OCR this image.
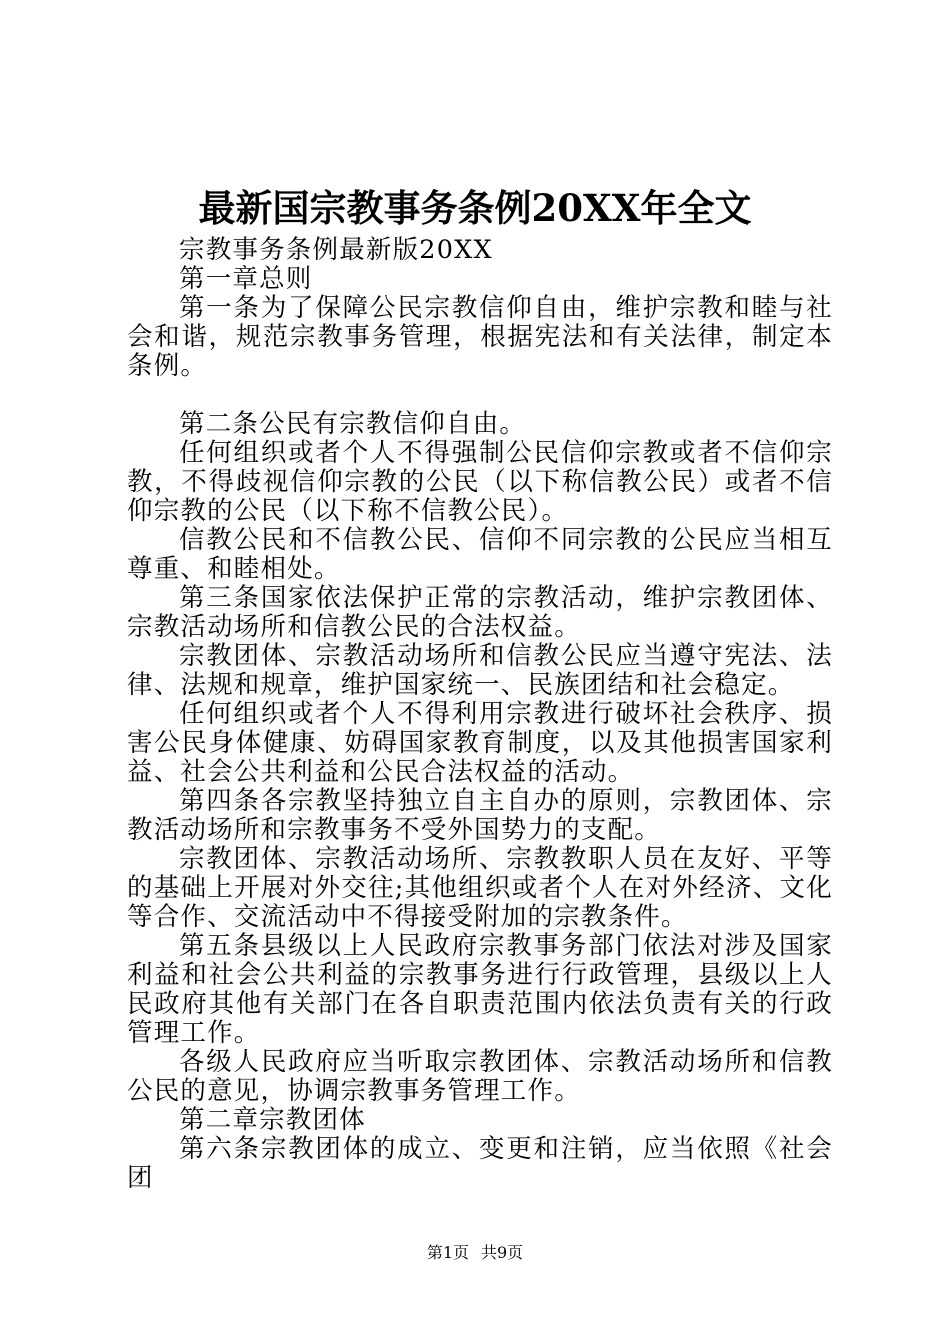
最新国宗教事务条例20XX年全文

宗教事务条例最新版20XX

第一章总则

第一条为了保障公民宗教信仰自由，维护宗教和睦与社会和谐，规范宗教事务管理，根据宪法和有关法律，制定本条例。

第二条公民有宗教信仰自由。

任何组织或者个人不得强制公民信仰宗教或者不信仰宗教，不得歧视信仰宗教的公民（以下称信教公民）或者不信仰宗教的公民（以下称不信教公民）。

信教公民和不信教公民、信仰不同宗教的公民应当相互尊重、和睦相处。

第三条国家依法保护正常的宗教活动，维护宗教团体、宗教活动场所和信教公民的合法权益。

宗教团体、宗教活动场所和信教公民应当遵守宪法、法律、法规和规章，维护国家统一、民族团结和社会稳定。

任何组织或者个人不得利用宗教进行破坏社会秩序、损害公民身体健康、妨碍国家教育制度，以及其他损害国家利益、社会公共利益和公民合法权益的活动。

第四条各宗教坚持独立自主自办的原则，宗教团体、宗教活动场所和宗教事务不受外国势力的支配。

宗教团体、宗教活动场所、宗教教职人员在友好、平等的基础上开展对外交往;其他组织或者个人在对外经济、文化等合作、交流活动中不得接受附加的宗教条件。

第五条县级以上人民政府宗教事务部门依法对涉及国家利益和社会公共利益的宗教事务进行行政管理，县级以上人民政府其他有关部门在各自职责范围内依法负责有关的行政管理工作。

各级人民政府应当听取宗教团体、宗教活动场所和信教公民的意见，协调宗教事务管理工作。

第二章宗教团体

第六条宗教团体的成立、变更和注销，应当依照《社会团

第1页 共9页
